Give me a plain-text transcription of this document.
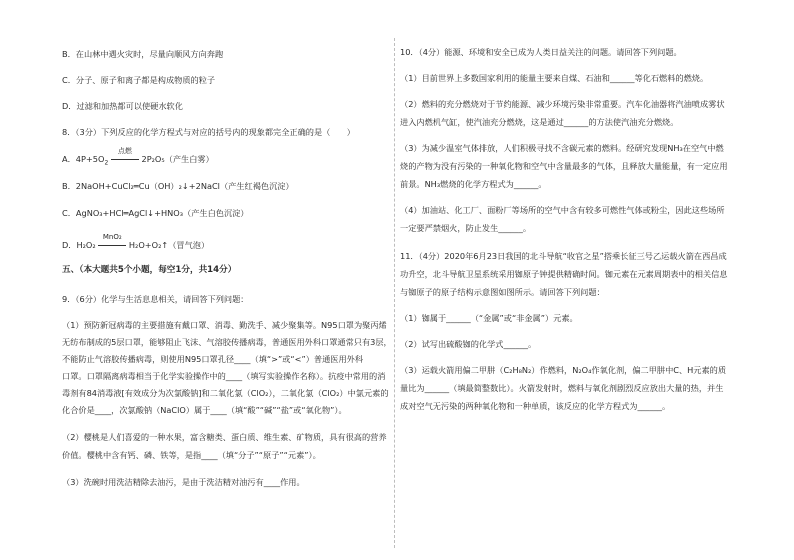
B．在山林中遇火灾时，尽量向顺风方向奔跑
C．分子、原子和离子都是构成物质的粒子
D．过滤和加热都可以使硬水软化
8．（3分）下列反应的化学方程式与对应的括号内的现象都完全正确的是（　　）
A．$4P+5O_2$
点燃
2P₂O₅（产生白雾）
B．2NaOH+CuCl₂═Cu（OH）₂↓+2NaCl（产生红褐色沉淀）
C．AgNO₃+HCl═AgCl↓+HNO₃（产生白色沉淀）
D．H₂O₂
MnO₂
H₂O+O₂↑（冒气泡）
五、（本大题共5个小题，每空1分，共14分）
9．（6分）化学与生活息息相关，请回答下列问题：
（1）预防新冠病毒的主要措施有戴口罩、消毒、勤洗手、减少聚集等。N95口罩为聚丙烯
无纺布制成的5层口罩，能够阻止飞沫、气溶胶传播病毒，普通医用外科口罩通常只有3层，
不能防止气溶胶传播病毒，则使用N95口罩孔径____（填“>”或“<”）普通医用外科
口罩。口罩隔离病毒相当于化学实验操作中的____（填写实验操作名称）。抗疫中常用的消
毒剂有84消毒液[有效成分为次氯酸钠]和二氧化氯（ClO₂），二氧化氯（ClO₂）中氯元素的
化合价是____，次氯酸钠（NaClO）属于____（填“酸”“碱”“盐”或“氧化物”）。
（2）樱桃是人们喜爱的一种水果，富含糖类、蛋白质、维生素、矿物质，具有很高的营养
价值。樱桃中含有钙、磷、铁等，是指____（填“分子”“原子”“元素”）。
（3）洗碗时用洗洁精除去油污，是由于洗洁精对油污有____作用。
10．（4分）能源、环境和安全已成为人类日益关注的问题。请回答下列问题。
（1）目前世界上多数国家利用的能量主要来自煤、石油和______等化石燃料的燃烧。
（2）燃料的充分燃烧对于节约能源、减少环境污染非常重要。汽车化油器将汽油喷成雾状
进入内燃机气缸，使汽油充分燃烧，这是通过______的方法使汽油充分燃烧。
（3）为减少温室气体排放，人们积极寻找不含碳元素的燃料。经研究发现NH₃在空气中燃
烧的产物为没有污染的一种氧化物和空气中含量最多的气体，且释放大量能量，有一定应用
前景。NH₃燃烧的化学方程式为______。
（4）加油站、化工厂、面粉厂等场所的空气中含有较多可燃性气体或粉尘，因此这些场所
一定要严禁烟火，防止发生______。
11．（4分）2020年6月23日我国的北斗导航“收官之星”搭乘长征三号乙运载火箭在西昌成
功升空，北斗导航卫星系统采用铷原子钟提供精确时间。铷元素在元素周期表中的相关信息
与铷原子的原子结构示意图如图所示。请回答下列问题：
（1）铷属于______（“金属”或“非金属”）元素。
（2）试写出硫酸铷的化学式______。
（3）运载火箭用偏二甲肼（C₂H₈N₂）作燃料，N₂O₄作氧化剂，偏二甲肼中C、H元素的质
量比为______（填最简整数比）。火箭发射时，燃料与氧化剂剧烈反应放出大量的热，并生
成对空气无污染的两种氧化物和一种单质，该反应的化学方程式为______。
